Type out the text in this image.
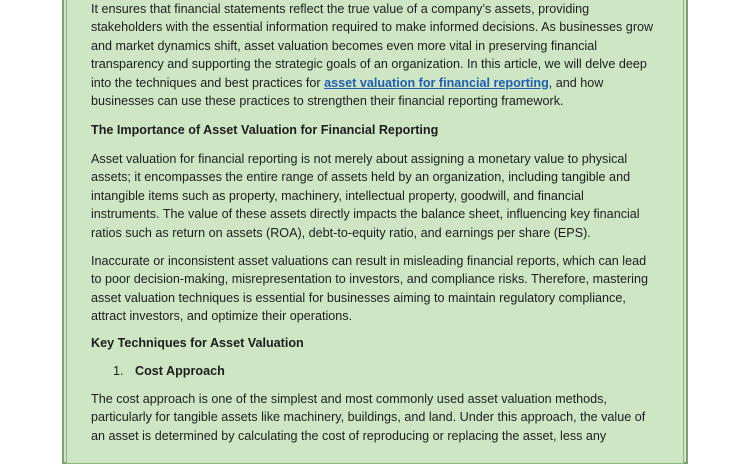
It ensures that financial statements reflect the true value of a company’s assets, providing
stakeholders with the essential information required to make informed decisions. As businesses grow
and market dynamics shift, asset valuation becomes even more vital in preserving financial
transparency and supporting the strategic goals of an organization. In this article, we will delve deep
into the techniques and best practices for asset valuation for financial reporting, and how
businesses can use these practices to strengthen their financial reporting framework.
The Importance of Asset Valuation for Financial Reporting
Asset valuation for financial reporting is not merely about assigning a monetary value to physical
assets; it encompasses the entire range of assets held by an organization, including tangible and
intangible items such as property, machinery, intellectual property, goodwill, and financial
instruments. The value of these assets directly impacts the balance sheet, influencing key financial
ratios such as return on assets (ROA), debt-to-equity ratio, and earnings per share (EPS).
Inaccurate or inconsistent asset valuations can result in misleading financial reports, which can lead
to poor decision-making, misrepresentation to investors, and compliance risks. Therefore, mastering
asset valuation techniques is essential for businesses aiming to maintain regulatory compliance,
attract investors, and optimize their operations.
Key Techniques for Asset Valuation
1. Cost Approach
The cost approach is one of the simplest and most commonly used asset valuation methods,
particularly for tangible assets like machinery, buildings, and land. Under this approach, the value of
an asset is determined by calculating the cost of reproducing or replacing the asset, less any
